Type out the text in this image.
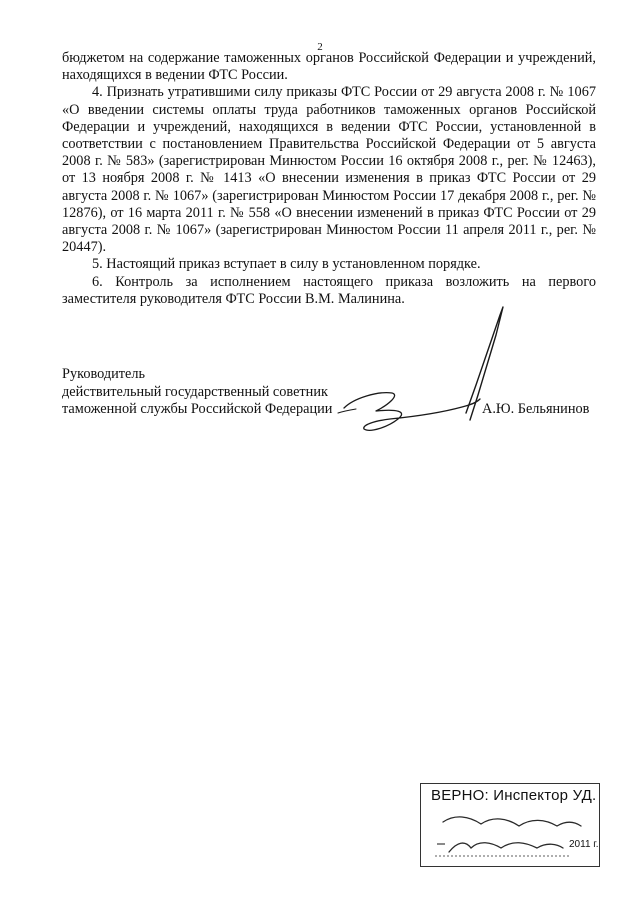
2

бюджетом на содержание таможенных органов Российской Федерации и учреждений, находящихся в ведении ФТС России.

4. Признать утратившими силу приказы ФТС России от 29 августа 2008 г. № 1067 «О введении системы оплаты труда работников таможенных органов Российской Федерации и учреждений, находящихся в ведении ФТС России, установленной в соответствии с постановлением Правительства Российской Федерации от 5 августа 2008 г. № 583» (зарегистрирован Минюстом России 16 октября 2008 г., рег. № 12463), от 13 ноября 2008 г. № 1413 «О внесении изменения в приказ ФТС России от 29 августа 2008 г. № 1067» (зарегистрирован Минюстом России 17 декабря 2008 г., рег. № 12876), от 16 марта 2011 г. № 558 «О внесении изменений в приказ ФТС России от 29 августа 2008 г. № 1067» (зарегистрирован Минюстом России 11 апреля 2011 г., рег. № 20447).

5. Настоящий приказ вступает в силу в установленном порядке.

6. Контроль за исполнением настоящего приказа возложить на первого заместителя руководителя ФТС России В.М. Малинина.

Руководитель
действительный государственный советник
таможенной службы Российской Федерации	А.Ю. Бельянинов
ВЕРНО: Инспектор УД.
2011 г.
